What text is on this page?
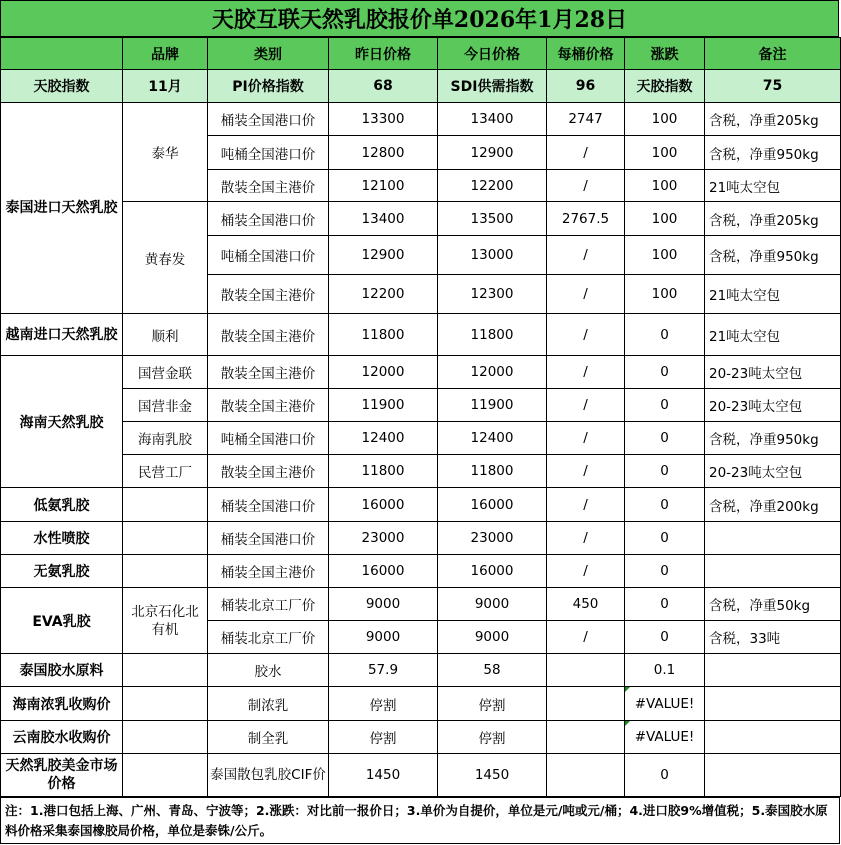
天胶互联天然乳胶报价单2026年1月28日
	品牌	类别	昨日价格	今日价格	每桶价格	涨跌	备注
天胶指数	11月	PI价格指数	68	SDI供需指数	96	天胶指数	75
泰国进口天然乳胶	泰华	桶装全国港口价	13300	13400	2747	100	含税，净重205kg
		吨桶全国港口价	12800	12900	/	100	含税，净重950kg
		散装全国主港价	12100	12200	/	100	21吨太空包
	黄春发	桶装全国港口价	13400	13500	2767.5	100	含税，净重205kg
		吨桶全国港口价	12900	13000	/	100	含税，净重950kg
		散装全国主港价	12200	12300	/	100	21吨太空包
越南进口天然乳胶	顺利	散装全国主港价	11800	11800	/	0	21吨太空包
海南天然乳胶	国营金联	散装全国主港价	12000	12000	/	0	20-23吨太空包
	国营非金	散装全国主港价	11900	11900	/	0	20-23吨太空包
	海南乳胶	吨桶全国港口价	12400	12400	/	0	含税，净重950kg
	民营工厂	散装全国主港价	11800	11800	/	0	20-23吨太空包
低氨乳胶		桶装全国港口价	16000	16000	/	0	含税，净重200kg
水性喷胶		桶装全国港口价	23000	23000	/	0	
无氨乳胶		桶装全国主港价	16000	16000	/	0	
EVA乳胶	北京石化北有机	桶装北京工厂价	9000	9000	450	0	含税，净重50kg
		桶装北京工厂价	9000	9000	/	0	含税，33吨
泰国胶水原料		胶水	57.9	58		0.1	
海南浓乳收购价		制浓乳	停割	停割		#VALUE!	
云南胶水收购价		制全乳	停割	停割		#VALUE!	
天然乳胶美金市场价格		泰国散包乳胶CIF价	1450	1450		0	
注：1.港口包括上海、广州、青岛、宁波等；2.涨跌：对比前一报价日；3.单价为自提价，单位是元/吨或元/桶；4.进口胶9%增值税；5.泰国胶水原料价格采集泰国橡胶局价格，单位是泰铢/公斤。
